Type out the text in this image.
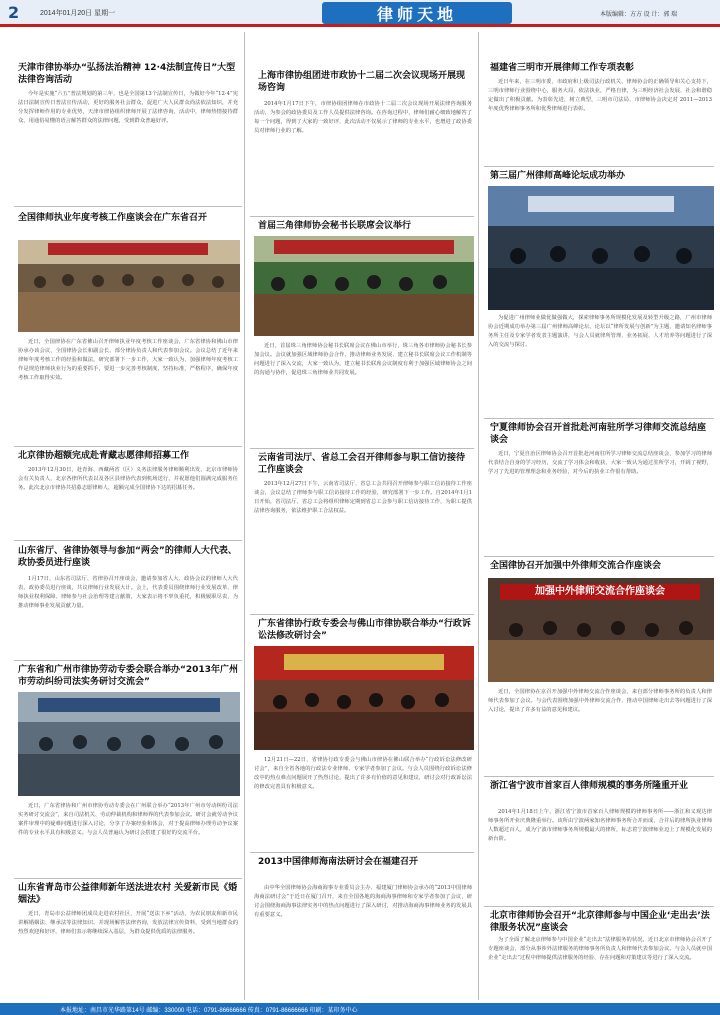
2	2014年01月20日 星期一	律师天地	本版编辑：方方 设 计：郭 瑞
天津市律协举办“弘扬法治精神 12·4法制宣传日”大型法律咨询活动

今年是实施“六五”普法规划的第三年，也是全国第13个法制宣传日，为做好今年“12·4”宪法日法制宣传日普法宣传活动，更好的服务社会群众，促进广大人民群众尚法依法知识，并充分发挥律师作用的专业优势，天津市律协组织律师开展了法律咨询，活动中，律师热情接待群众，用通俗易懂的语言解答群众的法律问题，受到群众普遍好评。

全国律师执业年度考核工作座谈会在广东省召开

近日，全国律协在广东省佛山召开律师执业年度考核工作座谈会，广东省律协和佛山市律协承办该会议，全国律协会长和副会长、部分律协负责人和代表参加会议。会议总结了近年来律师年度考核工作的经验和做法，研究部署下一步工作，大家一致认为，加强律师年度考核工作是规范律师执业行为的重要抓手，要进一步完善考核制度，坚持标准，严格程序，确保年度考核工作取得实效。

北京律协超额完成赴青藏志愿律师招募工作

2013年12月30日，赴青海、西藏两省（区）义务法律服务律师顺利出发，北京市律师协会有关负责人，北京各律所代表以及各区县律协代表到机场送行，并祝愿他们圆满完成服务任务。此次北京市律协共招募志愿律师人，超额完成全国律协下达的招募任务。

山东省厅、省律协领导与参加“两会”的律师人大代表、政协委员进行座谈

1月17日，山东省司法厅、省律协召开座谈会，邀请参加省人大、政协会议的律师人大代表、政协委员进行座谈，共议律师行业发展大计。会上，代表委员围绕律师行业发展改革、律师执业权利保障、律师参与社会治理等建言献策，大家表示将不辜负重托，积极履职尽责，为推动律师事业发展贡献力量。

广东省和广州市律协劳动专委会联合举办“2013年广州市劳动纠纷司法实务研讨交流会”

近日，广东省律协和广州市律协劳动专委会在广州联合举办“2013年广州市劳动纠纷司法实务研讨交流会”，来自司法机关、劳动仲裁机构和律师界的代表参加会议。研讨会就劳动争议案件审理中的疑难问题进行深入讨论，分享了办案经验和体会，对于提高律师办理劳动争议案件的专业水平具有积极意义。与会人员普遍认为研讨会搭建了很好的交流平台。

山东省青岛市公益律师新年送法进农村 关爱新市民《婚姻法》

近日，青岛市公益律师团成员走进农村社区，开展“送法下乡”活动，为农民朋友和新市民讲解婚姻法、继承法等法律知识，并现场解答法律咨询，发放法律宣传资料，受到当地群众的热烈欢迎和好评，律师们表示将继续深入基层，为群众提供优质的法律服务。

上海市律协组团进市政协十二届二次会议现场开展现场咨询

2014年1月17日下午，市律协组团律师在市政协十二届二次会议现场开展法律咨询服务活动，为参会的政协委员及工作人员提供法律咨询。在咨询过程中，律师们耐心细致地解答了每一个问题，得到了大家的一致好评，此次活动不仅展示了律师的专业水平，也增进了政协委员对律师行业的了解。

首届三角律师协会秘书长联席会议举行

近日，首届珠三角律师协会秘书长联席会议在佛山市举行，珠三角各市律师协会秘书长参加会议。会议就加强区域律师协会合作、推动律师业务发展、建立秘书长联席会议工作机制等问题进行了深入交流，大家一致认为，建立秘书长联席会议制度有利于加强区域律师协会之间的沟通与协作，促进珠三角律师业共同发展。

云南省司法厅、省总工会召开律师参与职工信访接待工作座谈会

2013年12月27日下午，云南省司法厅、省总工会共同召开律师参与职工信访接待工作座谈会，会议总结了律师参与职工信访接待工作的经验，研究部署下一步工作。自2014年1月1日开始，省司法厅、省总工会将组织律师定期到省总工会参与职工信访接待工作，为职工提供法律咨询服务，依法维护职工合法权益。

广东省律协行政专委会与佛山市律协联合举办“行政诉讼法修改研讨会”

12月21日—22日，省律协行政专委会与佛山市律协在佛山联合举办“行政诉讼法修改研讨会”，来自全省各地的行政法专业律师、专家学者参加了会议。与会人员围绕行政诉讼法修改中的热点难点问题展开了热烈讨论，提出了许多有价值的意见和建议，研讨会对行政诉讼法的修改完善具有积极意义。

2013中国律师海南法研讨会在福建召开

由中华全国律师协会海商海事专业委员会主办、福建厦门律师协会承办的“2013中国律师海商法研讨会”于近日在厦门召开，来自全国各地的海商海事律师和专家学者参加了会议，研讨会围绕海商海事法律实务中的热点问题进行了深入研讨，对推动海商海事律师业务的发展具有重要意义。

福建省三明市开展律师工作专项表彰

近日年来，在三明市委、市政府和上级司法行政机关、律师协会的正确领导和关心支持下，三明市律师行业围绕中心，服务大局，依法执业，严格自律，为三明经济社会发展、社会和谐稳定做出了积极贡献。为表彰先进，树立典型，三明市司法局、市律师协会决定对 2011—2013年度优秀律师事务所和优秀律师进行表彰。

第三届广州律师高峰论坛成功举办

为促进广州律师业做优做强做大，探索律师事务所规模化发展及转型升级之路，广州市律师协会近期成功举办第三届广州律师高峰论坛，论坛以“律所发展与创新”为主题，邀请知名律师事务所主任及专家学者发表主题演讲，与会人员就律所管理、业务拓展、人才培养等问题进行了深入的交流与探讨。

宁夏律师协会召开首批赴河南驻所学习律师交流总结座谈会

近日，宁夏自治区律师协会召开首批赴河南驻所学习律师交流总结座谈会，参加学习的律师代表结合自身的学习经历，交流了学习体会和收获，大家一致认为通过驻所学习，开阔了视野，学习了先进的管理理念和业务经验，对今后的执业工作很有帮助。

全国律协召开加强中外律师交流合作座谈会
加强中外律师交流合作座谈会

近日，全国律协在京召开加强中外律师交流合作座谈会，来自部分律师事务所的负责人和律师代表参加了会议。与会代表围绕加强中外律师交流合作、推动中国律师走出去等问题进行了深入讨论，提出了许多有益的意见和建议。

浙江省宁波市首家百人律师规模的事务所隆重开业

2014年1月18日上午，浙江省宁波市首家百人律师规模的律师事务所——浙江和义观达律师事务所开业庆典隆重举行。该所由宁波两家知名律师事务所合并而成，合并后的律所执业律师人数超过百人，成为宁波市律师事务所规模最大的律所，标志着宁波律师业迈上了规模化发展的新台阶。

北京市律师协会召开“北京律师参与中国企业‘走出去’法律服务状况”座谈会

为了全面了解北京律师参与中国企业“走出去”法律服务的状况，近日北京市律师协会召开了专题座谈会，部分从事涉外法律服务的律师事务所负责人和律师代表参加会议。与会人员就中国企业“走出去”过程中律师提供法律服务的经验、存在问题和对策建议等进行了深入交流。

本报地址：南昌市光华路第14号 邮编：330000 电话：0791-86666666 传真：0791-86666666 印刷：某印务中心
